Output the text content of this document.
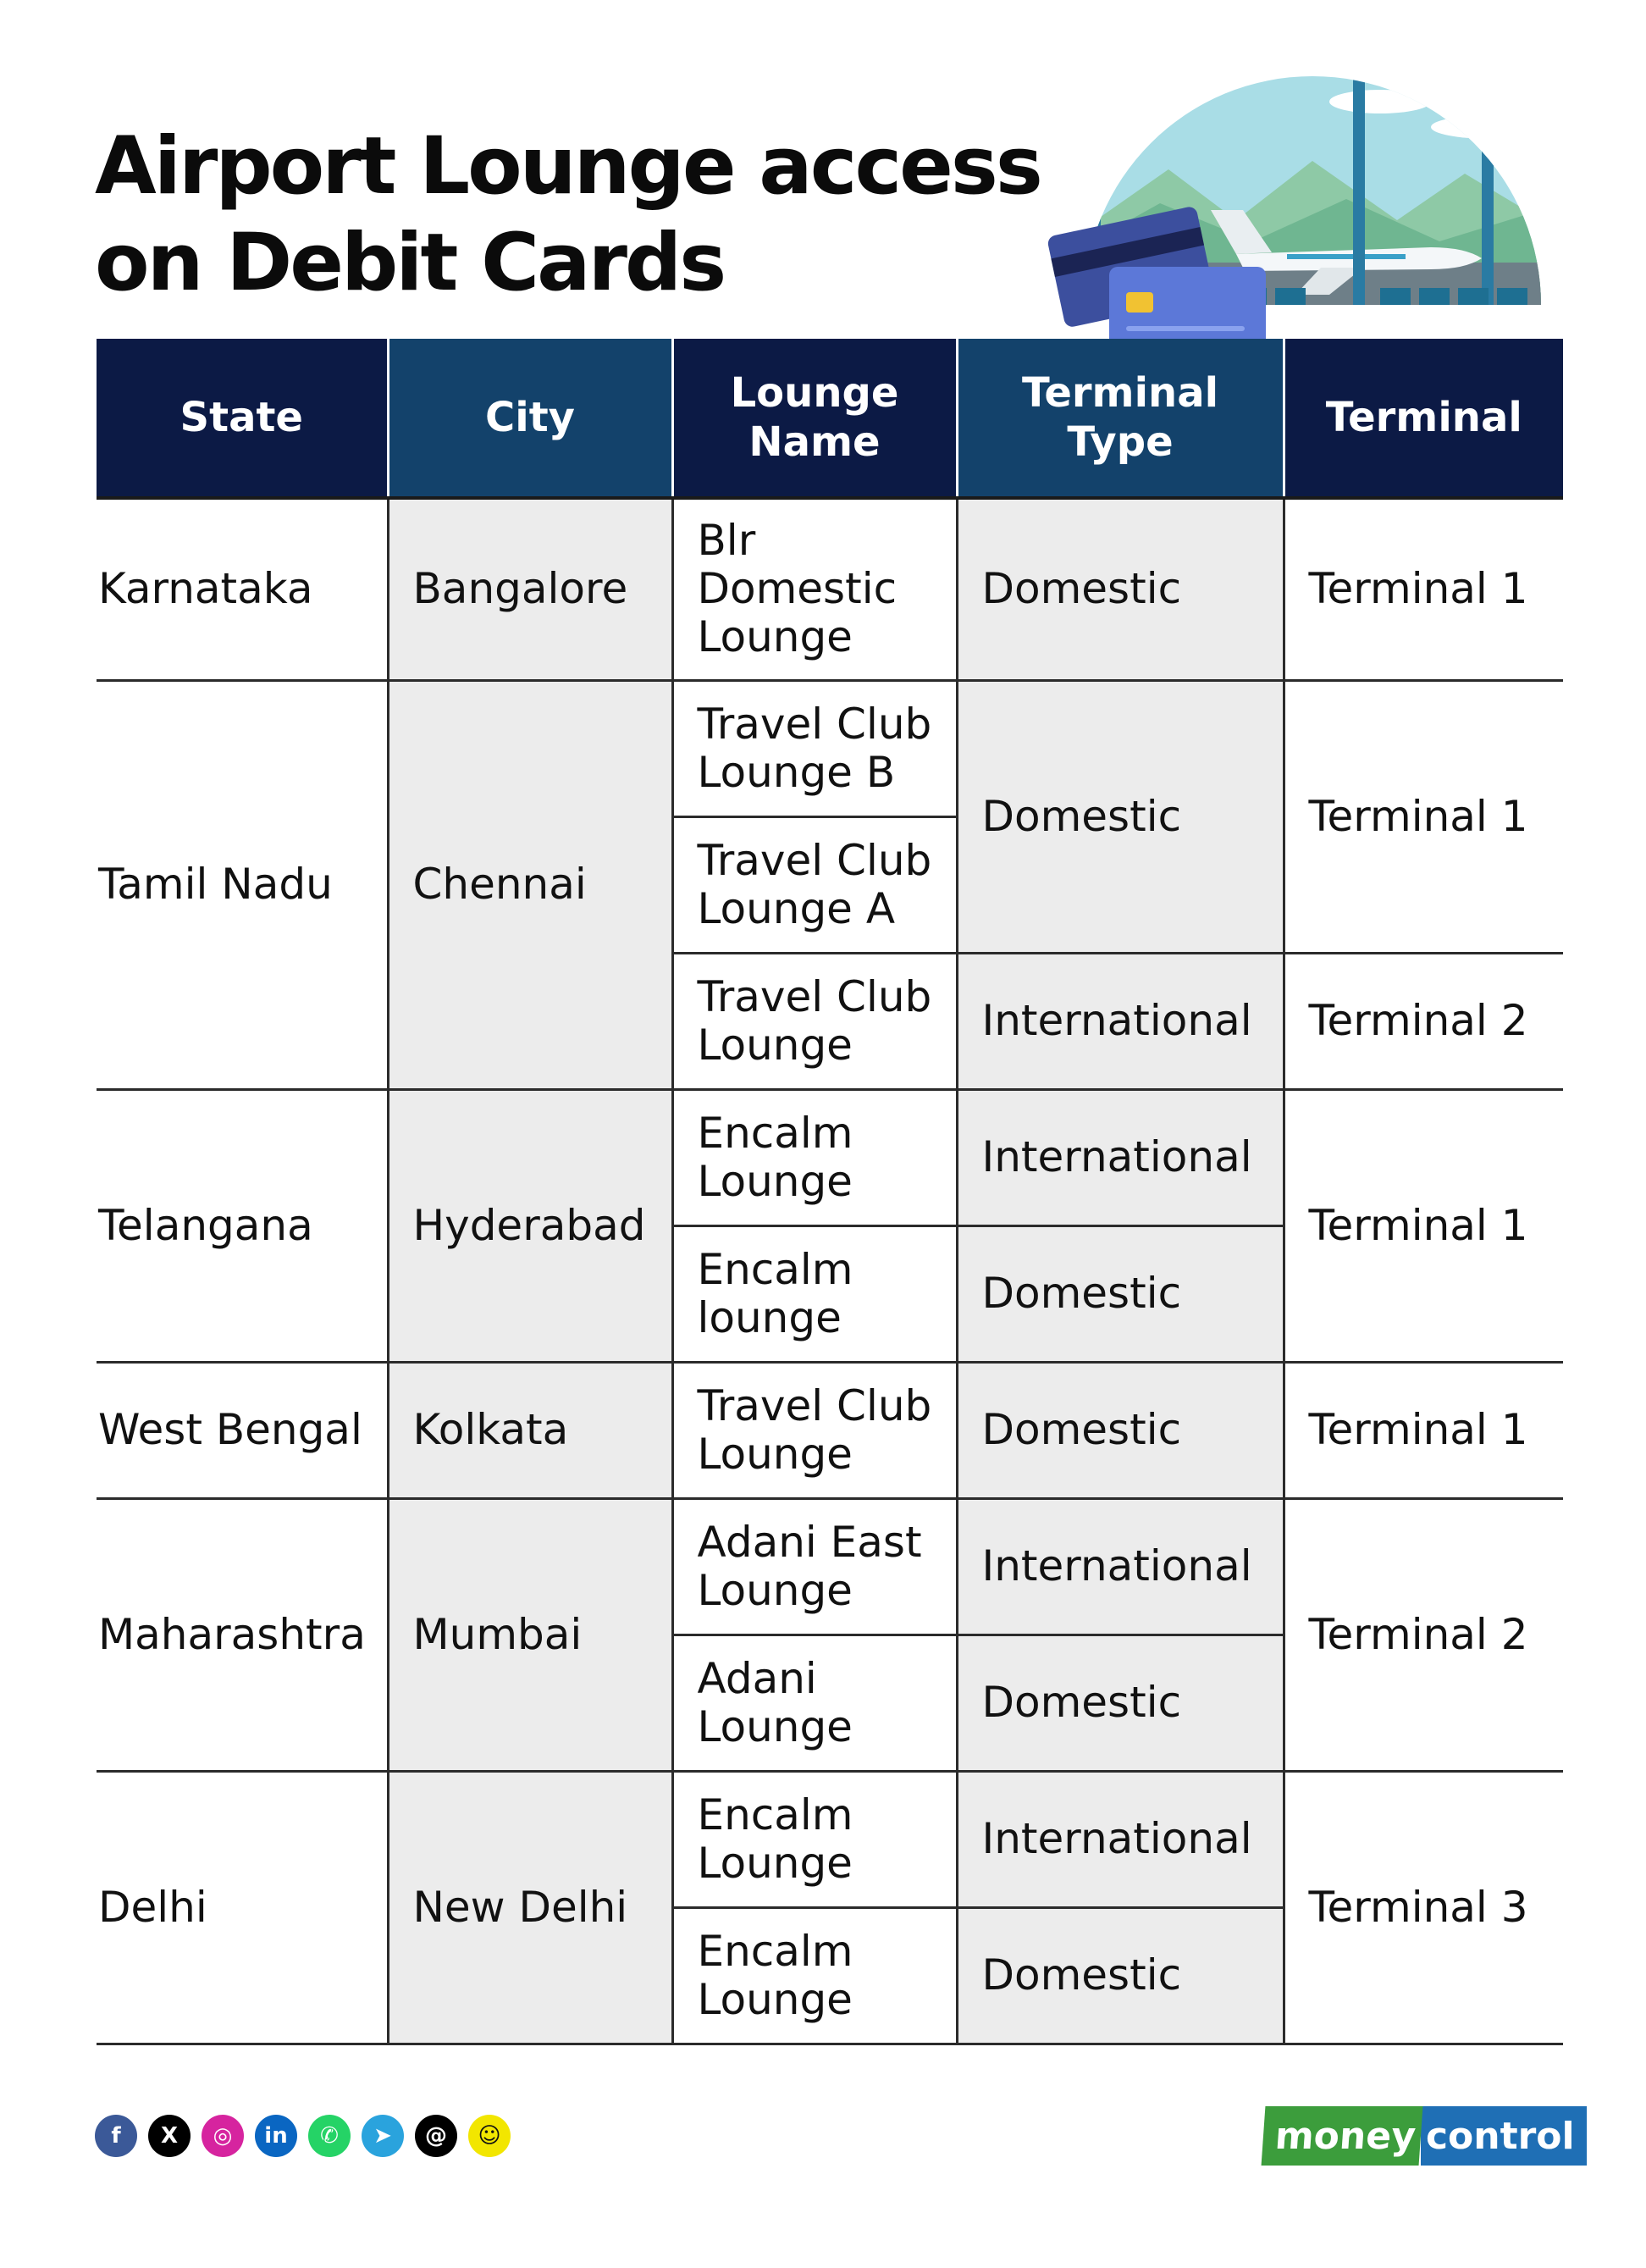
Airport Lounge access
on Debit Cards
State	City	Lounge Name	Terminal Type	Terminal
Karnataka	Bangalore	Blr Domestic Lounge	Domestic	Terminal 1
Tamil Nadu	Chennai	Travel Club Lounge B	Domestic	Terminal 1
		Travel Club Lounge A		
		Travel Club Lounge	International	Terminal 2
Telangana	Hyderabad	Encalm Lounge	International	Terminal 1
		Encalm lounge	Domestic	
West Bengal	Kolkata	Travel Club Lounge	Domestic	Terminal 1
Maharashtra	Mumbai	Adani East Lounge	International	Terminal 2
		Adani Lounge	Domestic	
Delhi	New Delhi	Encalm Lounge	International	Terminal 3
		Encalm Lounge	Domestic	
f	X	◎	in	✆	➤	@	☺	money control
